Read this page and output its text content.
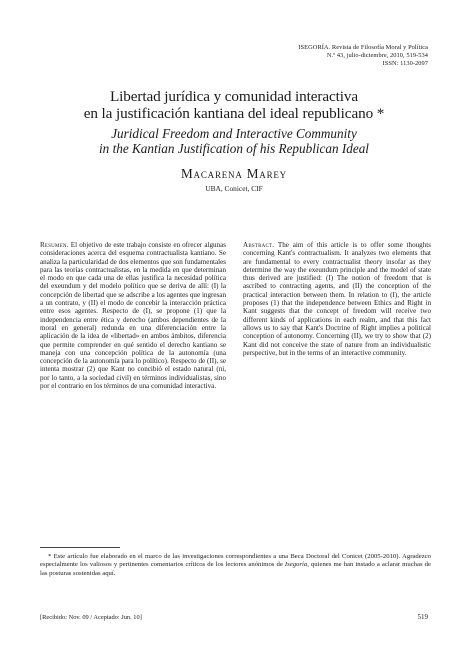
ISEGORÍA. Revista de Filosofía Moral y Política
N.º 43, julio-diciembre, 2010, 519-534
ISSN: 1130-2097
Libertad jurídica y comunidad interactiva
en la justificación kantiana del ideal republicano *
Juridical Freedom and Interactive Community
in the Kantian Justification of his Republican Ideal
Macarena Marey
UBA, Conicet, CIF
Resumen. El objetivo de este trabajo consiste en ofrecer algunas consideraciones acerca del esquema contractualista kantiano. Se analiza la particularidad de dos elementos que son fundamentales para las teorías contractualistas, en la medida en que determinan el modo en que cada una de ellas justifica la necesidad política del exeundum y del modelo político que se deriva de allí: (I) la concepción de libertad que se adscribe a los agentes que ingresan a un contrato, y (II) el modo de concebir la interacción práctica entre esos agentes. Respecto de (I), se propone (1) que la independencia entre ética y derecho (ambos dependientes de la moral en general) redunda en una diferenciación entre la aplicación de la idea de «libertad» en ambos ámbitos, diferencia que permite comprender en qué sentido el derecho kantiano se maneja con una concepción política de la autonomía (una concepción de la autonomía para lo político). Respecto de (II), se intenta mostrar (2) que Kant no concibió el estado natural (ni, por lo tanto, a la sociedad civil) en términos individualistas, sino por el contrario en los términos de una comunidad interactiva.
Abstract. The aim of this article is to offer some thoughts concerning Kant's contractualism. It analyzes two elements that are fundamental to every contractualist theory insofar as they determine the way the exeundum principle and the model of state thus derived are justified: (I) The notion of freedom that is ascribed to contracting agents, and (II) the conception of the practical interaction between them. In relation to (I), the article proposes (1) that the independence between Ethics and Right in Kant suggests that the concept of freedom will receive two different kinds of applications in each realm, and that this fact allows us to say that Kant's Doctrine of Right implies a political conception of autonomy. Concerning (II), we try to show that (2) Kant did not conceive the state of nature from an individualistic perspective, but in the terms of an interactive community.
* Este artículo fue elaborado en el marco de las investigaciones correspondientes a una Beca Doctoral del Conicet (2005-2010). Agradezco especialmente los valiosos y pertinentes comentarios críticos de los lectores anónimos de Isegoría, quienes me han instado a aclarar muchas de las posturas sostenidas aquí.
[Recibido: Nov. 09 / Aceptado: Jun. 10]	519
